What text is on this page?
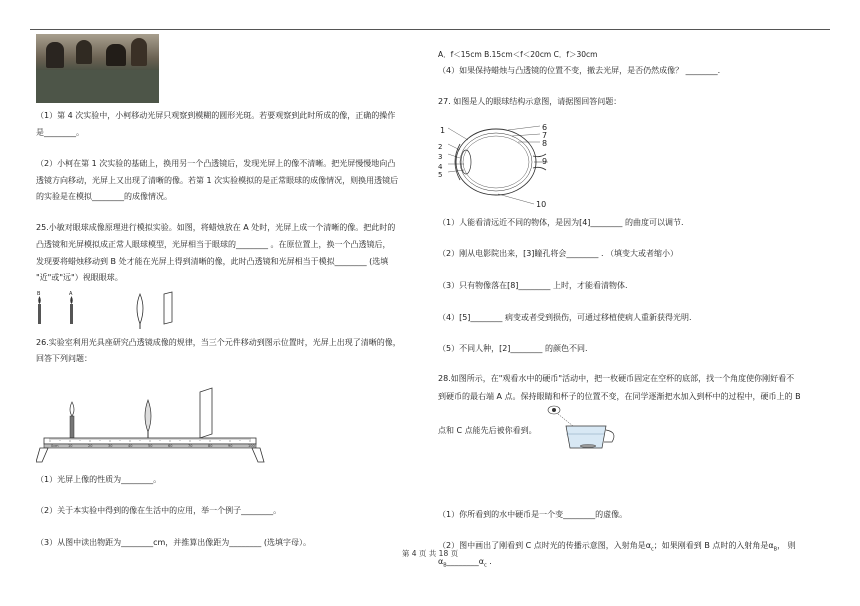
（1）第 4 次实验中，小柯移动光屏只观察到模糊的圆形光斑。若要观察到此时所成的像，正确的操作
是________。
（2）小柯在第 1 次实验的基础上，换用另一个凸透镜后，发现光屏上的像不清晰。把光屏慢慢地向凸
透镜方向移动，光屏上又出现了清晰的像。若第 1 次实验模拟的是正常眼球的成像情况，则换用透镜后
的实验是在模拟________的成像情况。
25.小敏对眼球成像原理进行模拟实验。如图，将蜡烛放在 A 处时，光屏上成一个清晰的像。把此时的
凸透镜和光屏模拟成正常人眼球模型，光屏相当于眼球的________ 。在原位置上，换一个凸透镜后，
发现要将蜡烛移动到 B 处才能在光屏上得到清晰的像，此时凸透镜和光屏相当于模拟________ (选填
"近"或"远"）视眼眼球。
B	A
26.实验室利用光具座研究凸透镜成像的规律，当三个元件移动到图示位置时，光屏上出现了清晰的像，
回答下列问题：
0cm	10	20	30	40	50	60	70	80	90	100
（1）光屏上像的性质为________。
（2）关于本实验中得到的像在生活中的应用，举一个例子________。
（3）从图中读出物距为________cm，并推算出像距为________ (选填字母）。
A．f＜15cm B.15cm＜f＜20cm C．f＞30cm
（4）如果保持蜡烛与凸透镜的位置不变，撤去光屏，是否仍然成像？ ________.
27. 如图是人的眼球结构示意图，请据图回答问题：
1
2
3
4
5
6
7
8
9
10
（1）人能看清远近不同的物体，是因为[4]________ 的曲度可以调节.
（2）刚从电影院出来，[3]瞳孔将会________ . （填变大或者缩小）
（3）只有物像落在[8]________ 上时，才能看清物体.
（4）[5]________ 病变或者受到损伤，可通过移植使病人重新获得光明.
（5）不同人种，[2]________ 的颜色不同.
28.如图所示，在"观看水中的硬币"活动中，把一枚硬币固定在空杯的底部，找一个角度使你刚好看不
到硬币的最右端 A 点。保持眼睛和杯子的位置不变，在同学逐渐把水加入到杯中的过程中，硬币上的 B
点和 C 点能先后被你看到。
（1）你所看到的水中硬币是一个变________的虚像。
（2）图中画出了刚看到 C 点时光的传播示意图，入射角是$\alpha_c$；如果刚看到 B 点时的入射角是$\alpha_B$， 则
$\alpha_B\_\_\_\_\_\_\_\_\alpha_c$ .
第 4 页 共 18 页
